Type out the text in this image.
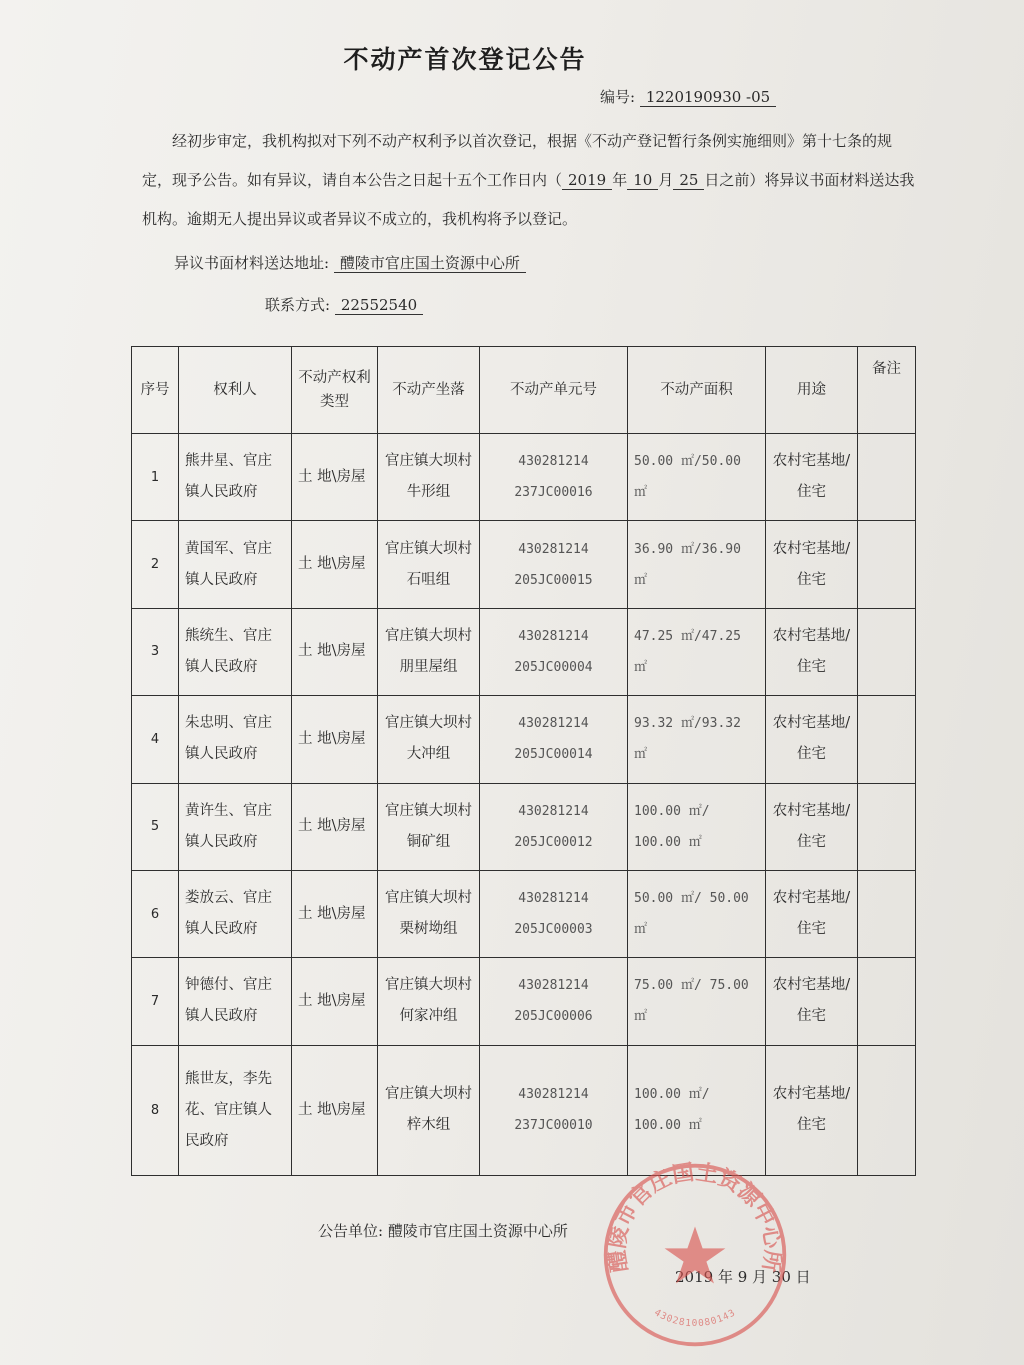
不动产首次登记公告
编号: 1220190930 -05
经初步审定，我机构拟对下列不动产权利予以首次登记，根据《不动产登记暂行条例实施细则》第十七条的规定，现予公告。如有异议，请自本公告之日起十五个工作日内（ 2019 年 10 月 25 日之前）将异议书面材料送达我机构。逾期无人提出异议或者异议不成立的，我机构将予以登记。
异议书面材料送达地址: 醴陵市官庄国土资源中心所
联系方式: 22552540
序号	权利人	不动产权利类型	不动产坐落	不动产单元号	不动产面积	用途	备注
1	熊井星、官庄镇人民政府	土 地\房屋	官庄镇大坝村牛形组	430281214 237JC00016	50.00 ㎡/50.00 ㎡	农村宅基地/住宅	
2	黄国军、官庄镇人民政府	土 地\房屋	官庄镇大坝村石咀组	430281214 205JC00015	36.90 ㎡/36.90 ㎡	农村宅基地/住宅	
3	熊统生、官庄镇人民政府	土 地\房屋	官庄镇大坝村朋里屋组	430281214 205JC00004	47.25 ㎡/47.25 ㎡	农村宅基地/住宅	
4	朱忠明、官庄镇人民政府	土 地\房屋	官庄镇大坝村大冲组	430281214 205JC00014	93.32 ㎡/93.32 ㎡	农村宅基地/住宅	
5	黄许生、官庄镇人民政府	土 地\房屋	官庄镇大坝村铜矿组	430281214 205JC00012	100.00 ㎡/ 100.00 ㎡	农村宅基地/住宅	
6	娄放云、官庄镇人民政府	土 地\房屋	官庄镇大坝村栗树坳组	430281214 205JC00003	50.00 ㎡/ 50.00 ㎡	农村宅基地/住宅	
7	钟德付、官庄镇人民政府	土 地\房屋	官庄镇大坝村何家冲组	430281214 205JC00006	75.00 ㎡/ 75.00 ㎡	农村宅基地/住宅	
8	熊世友，李先花、官庄镇人民政府	土 地\房屋	官庄镇大坝村梓木组	430281214 237JC00010	100.00 ㎡/ 100.00 ㎡	农村宅基地/住宅	
公告单位: 醴陵市官庄国土资源中心所
2019 年 9 月 30 日
醴陵市官庄国土资源中心所
4302810080143
